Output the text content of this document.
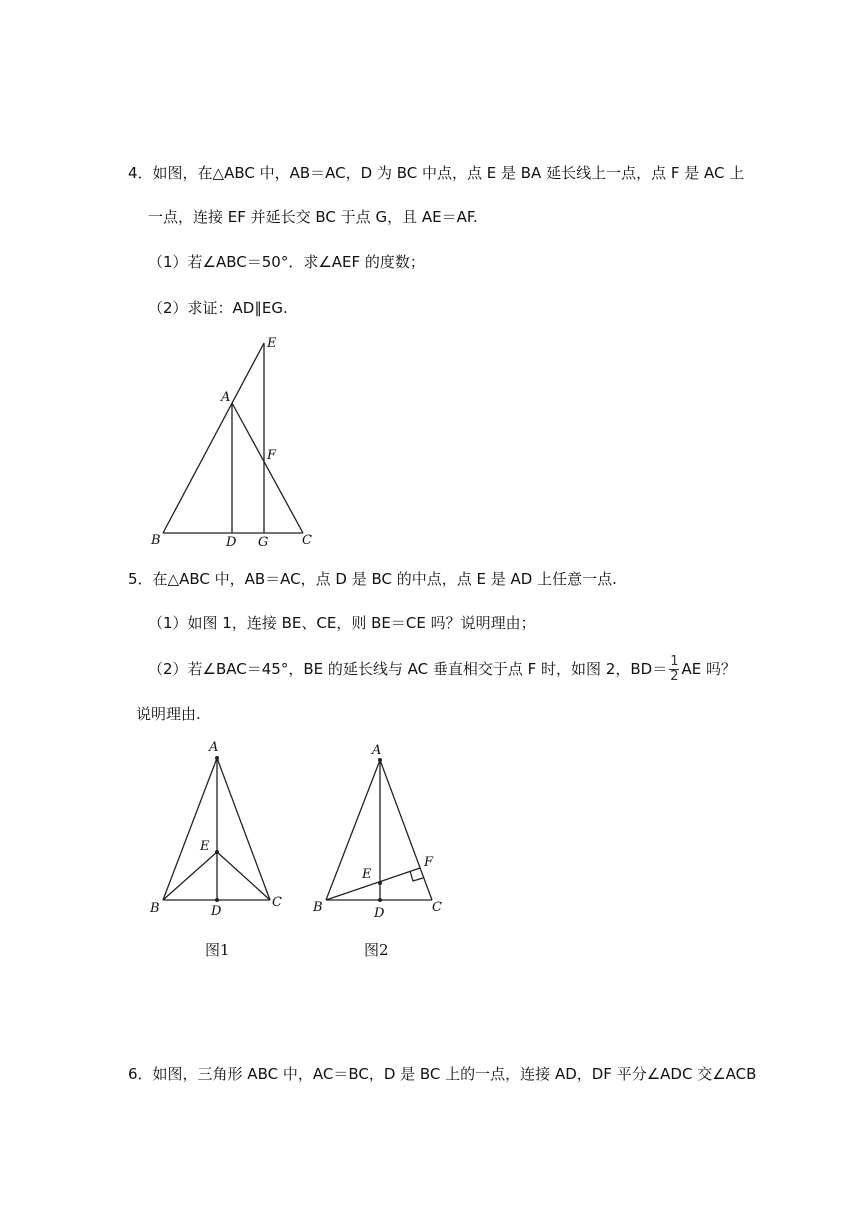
4．如图，在△ABC 中，AB＝AC，D 为 BC 中点，点 E 是 BA 延长线上一点，点 F 是 AC 上
一点，连接 EF 并延长交 BC 于点 G，且 AE＝AF.
（1）若∠ABC＝50°．求∠AEF 的度数；
（2）求证：AD∥EG.
E
A
F
B	D G	C
5．在△ABC 中，AB＝AC，点 D 是 BC 的中点，点 E 是 AD 上任意一点.
（1）如图 1，连接 BE、CE，则 BE＝CE 吗？说明理由；
（2）若∠BAC＝45°，BE 的延长线与 AC 垂直相交于点 F 时，如图 2，$BD= \frac{1}{2}$ AE 吗？
说明理由.
A
E
B	D
C
图1
A
E
F
B	D	C
图2
6．如图，三角形 ABC 中，AC＝BC，D 是 BC 上的一点，连接 AD，DF 平分∠ADC 交∠ACB
